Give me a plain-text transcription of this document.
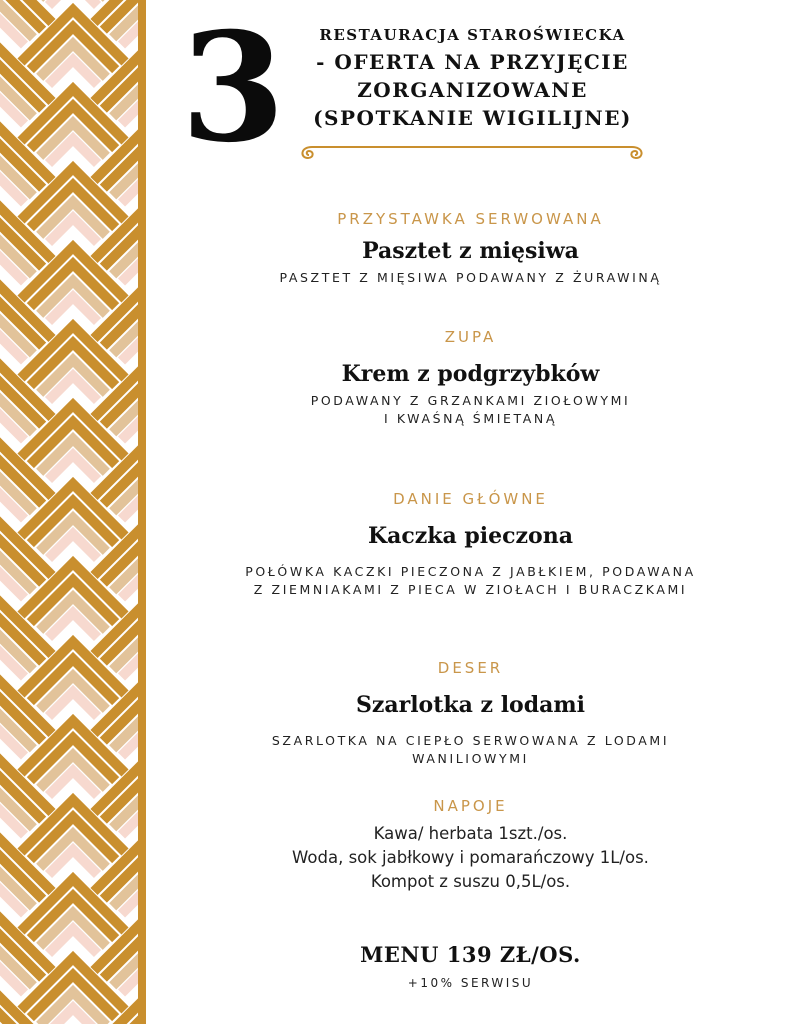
3	RESTAURACJA STAROŚWIECKA
- OFERTA NA PRZYJĘCIE
ZORGANIZOWANE
(SPOTKANIE WIGILIJNE)
PRZYSTAWKA SERWOWANA
Pasztet z mięsiwa
PASZTET Z MIĘSIWA PODAWANY Z ŻURAWINĄ
ZUPA
Krem z podgrzybków
PODAWANY Z GRZANKAMI ZIOŁOWYMI
I KWAŚNĄ ŚMIETANĄ
DANIE GŁÓWNE
Kaczka pieczona
POŁÓWKA KACZKI PIECZONA Z JABŁKIEM, PODAWANA
Z ZIEMNIAKAMI Z PIECA W ZIOŁACH I BURACZKAMI
DESER
Szarlotka z lodami
SZARLOTKA NA CIEPŁO SERWOWANA Z LODAMI
WANILIOWYMI
NAPOJE
Kawa/ herbata 1szt./os.
Woda, sok jabłkowy i pomarańczowy 1L/os.
Kompot z suszu 0,5L/os.
MENU 139 ZŁ/OS.
+10% SERWISU
